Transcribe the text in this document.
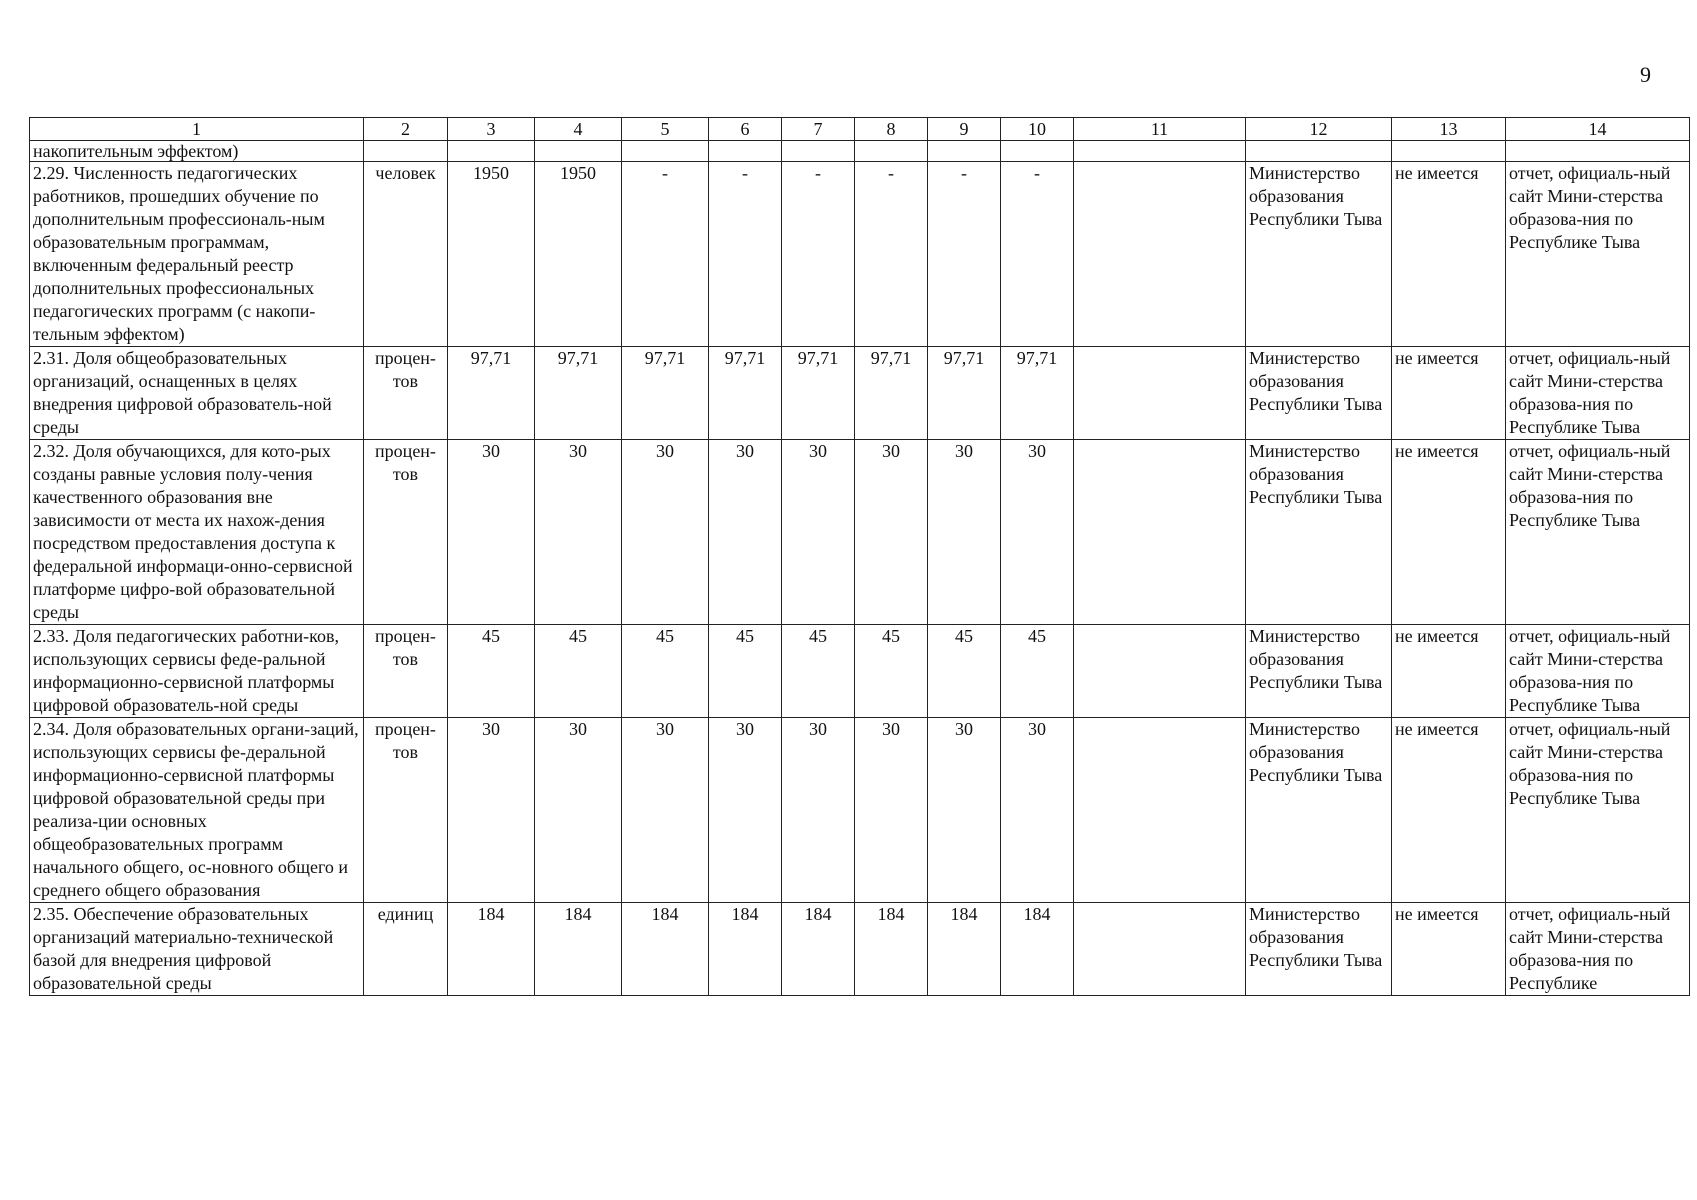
9
1	2	3	4	5	6	7	8	9	10	11	12	13	14
накопительным эффектом)													
2.29. Численность педагогических работников, прошедших обучение по дополнительным профессиональ-ным образовательным программам, включенным федеральный реестр дополнительных профессиональных педагогических программ (с накопи-тельным эффектом)	человек	1950	1950	-	-	-	-	-	-		Министерство образования Республики Тыва	не имеется	отчет, официаль-ный сайт Мини-стерства образова-ния по Республике Тыва
2.31. Доля общеобразовательных организаций, оснащенных в целях внедрения цифровой образователь-ной среды	процен-тов	97,71	97,71	97,71	97,71	97,71	97,71	97,71	97,71		Министерство образования Республики Тыва	не имеется	отчет, официаль-ный сайт Мини-стерства образова-ния по Республике Тыва
2.32. Доля обучающихся, для кото-рых созданы равные условия полу-чения качественного образования вне зависимости от места их нахож-дения посредством предоставления доступа к федеральной информаци-онно-сервисной платформе цифро-вой образовательной среды	процен-тов	30	30	30	30	30	30	30	30		Министерство образования Республики Тыва	не имеется	отчет, официаль-ный сайт Мини-стерства образова-ния по Республике Тыва
2.33. Доля педагогических работни-ков, использующих сервисы феде-ральной информационно-сервисной платформы цифровой образователь-ной среды	процен-тов	45	45	45	45	45	45	45	45		Министерство образования Республики Тыва	не имеется	отчет, официаль-ный сайт Мини-стерства образова-ния по Республике Тыва
2.34. Доля образовательных органи-заций, использующих сервисы фе-деральной информационно-сервисной платформы цифровой образовательной среды при реализа-ции основных общеобразовательных программ начального общего, ос-новного общего и среднего общего образования	процен-тов	30	30	30	30	30	30	30	30		Министерство образования Республики Тыва	не имеется	отчет, официаль-ный сайт Мини-стерства образова-ния по Республике Тыва
2.35. Обеспечение образовательных организаций материально-технической базой для внедрения цифровой образовательной среды	единиц	184	184	184	184	184	184	184	184		Министерство образования Республики Тыва	не имеется	отчет, официаль-ный сайт Мини-стерства образова-ния по Республике
